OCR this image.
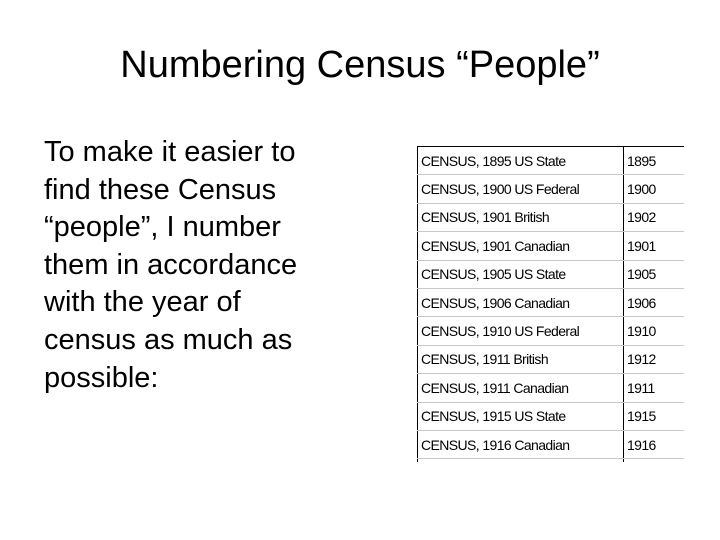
Numbering Census “People”
To make it easier to
find these Census
“people”, I number
them in accordance
with the year of
census as much as
possible:
CENSUS, 1895 US State	1895
CENSUS, 1900 US Federal	1900
CENSUS, 1901 British	1902
CENSUS, 1901 Canadian	1901
CENSUS, 1905 US State	1905
CENSUS, 1906 Canadian	1906
CENSUS, 1910 US Federal	1910
CENSUS, 1911 British	1912
CENSUS, 1911 Canadian	1911
CENSUS, 1915 US State	1915
CENSUS, 1916 Canadian	1916
